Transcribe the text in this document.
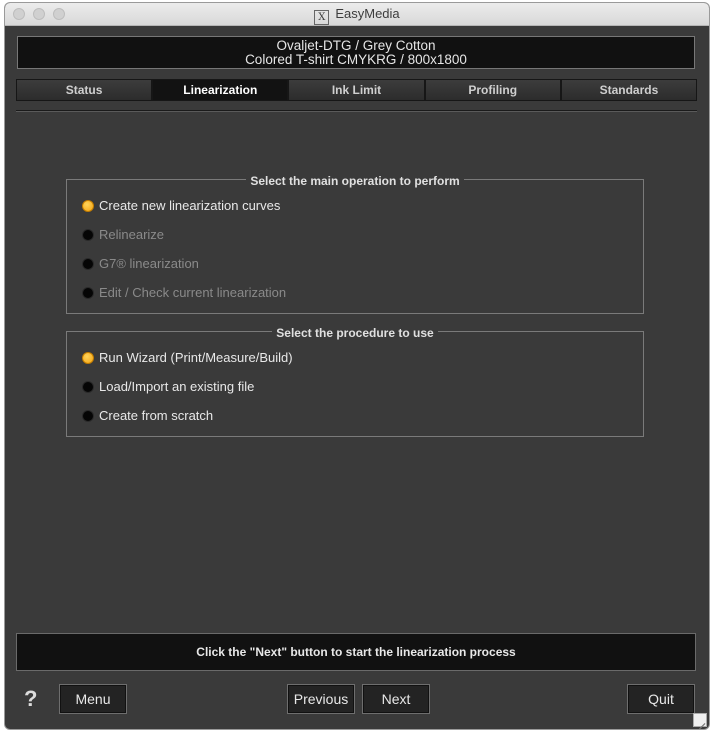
X EasyMedia
Ovaljet-DTG / Grey Cotton
Colored T-shirt CMYKRG / 800x1800
Status	Linearization	Ink Limit	Profiling	Standards
Select the main operation to perform
Create new linearization curves
Relinearize
G7® linearization
Edit / Check current linearization
Select the procedure to use
Run Wizard (Print/Measure/Build)
Load/Import an existing file
Create from scratch
Click the "Next" button to start the linearization process
?	Menu	Previous	Next	Quit
